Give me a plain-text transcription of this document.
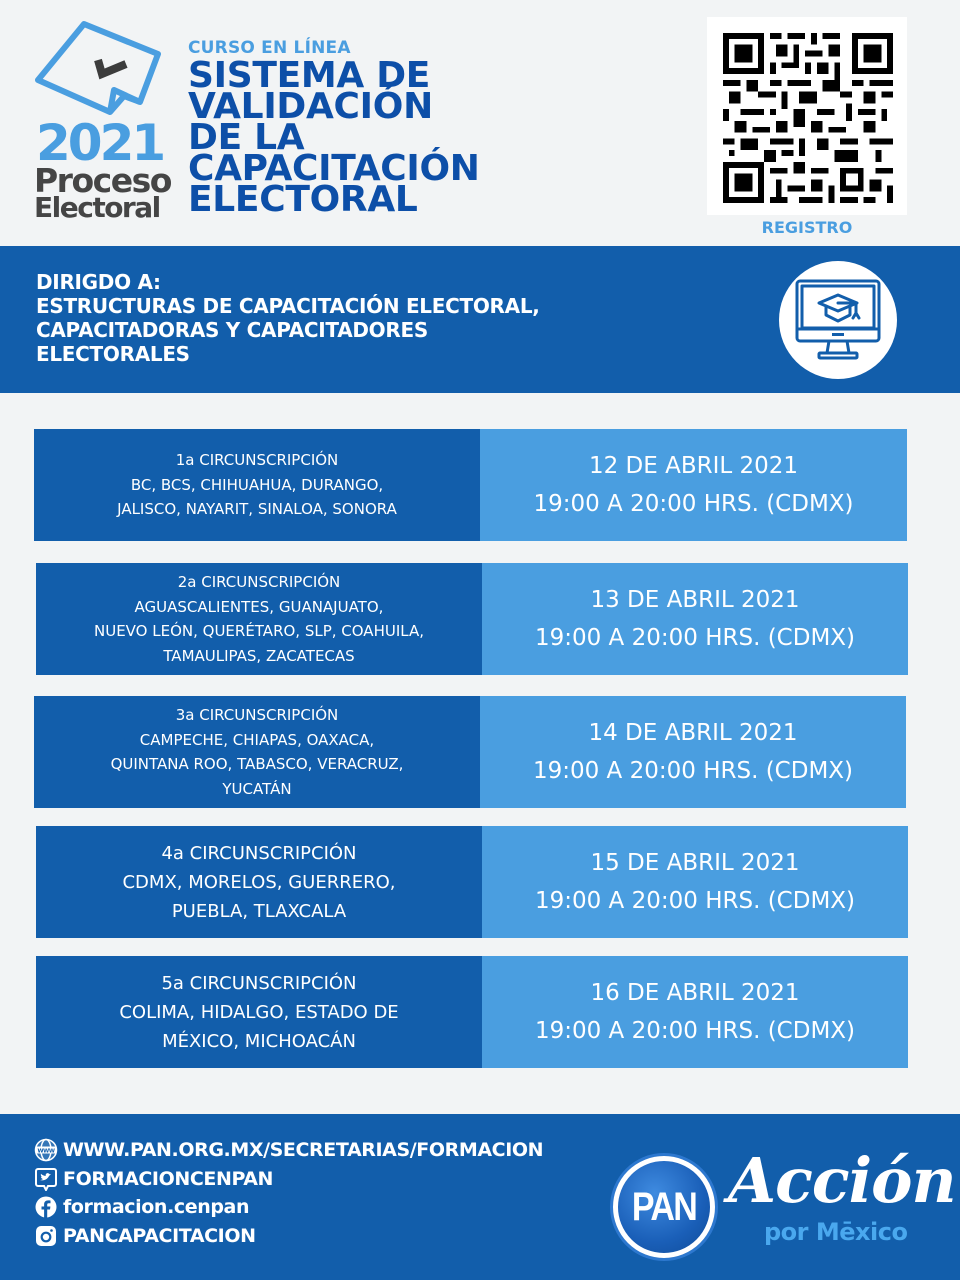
2021
Proceso
Electoral
CURSO EN LÍNEA
SISTEMA DE
VALIDACIÓN
DE LA
CAPACITACIÓN
ELECTORAL
REGISTRO
DIRIGDO A:
ESTRUCTURAS DE CAPACITACIÓN ELECTORAL,
CAPACITADORAS Y CAPACITADORES
ELECTORALES
1a CIRCUNSCRIPCIÓN
BC, BCS, CHIHUAHUA, DURANGO,
JALISCO, NAYARIT, SINALOA, SONORA
12 DE ABRIL 2021
19:00 A 20:00 HRS. (CDMX)
2a CIRCUNSCRIPCIÓN
AGUASCALIENTES, GUANAJUATO,
NUEVO LEÓN, QUERÉTARO, SLP, COAHUILA,
TAMAULIPAS, ZACATECAS
13 DE ABRIL 2021
19:00 A 20:00 HRS. (CDMX)
3a CIRCUNSCRIPCIÓN
CAMPECHE, CHIAPAS, OAXACA,
QUINTANA ROO, TABASCO, VERACRUZ,
YUCATÁN
14 DE ABRIL 2021
19:00 A 20:00 HRS. (CDMX)
4a CIRCUNSCRIPCIÓN
CDMX, MORELOS, GUERRERO,
PUEBLA, TLAXCALA
15 DE ABRIL 2021
19:00 A 20:00 HRS. (CDMX)
5a CIRCUNSCRIPCIÓN
COLIMA, HIDALGO, ESTADO DE
MÉXICO, MICHOACÁN
16 DE ABRIL 2021
19:00 A 20:00 HRS. (CDMX)
WWW WWW.PAN.ORG.MX/SECRETARIAS/FORMACION
FORMACIONCENPAN
formacion.cenpan
PANCAPACITACION
PAN Acción
por Mēxico
